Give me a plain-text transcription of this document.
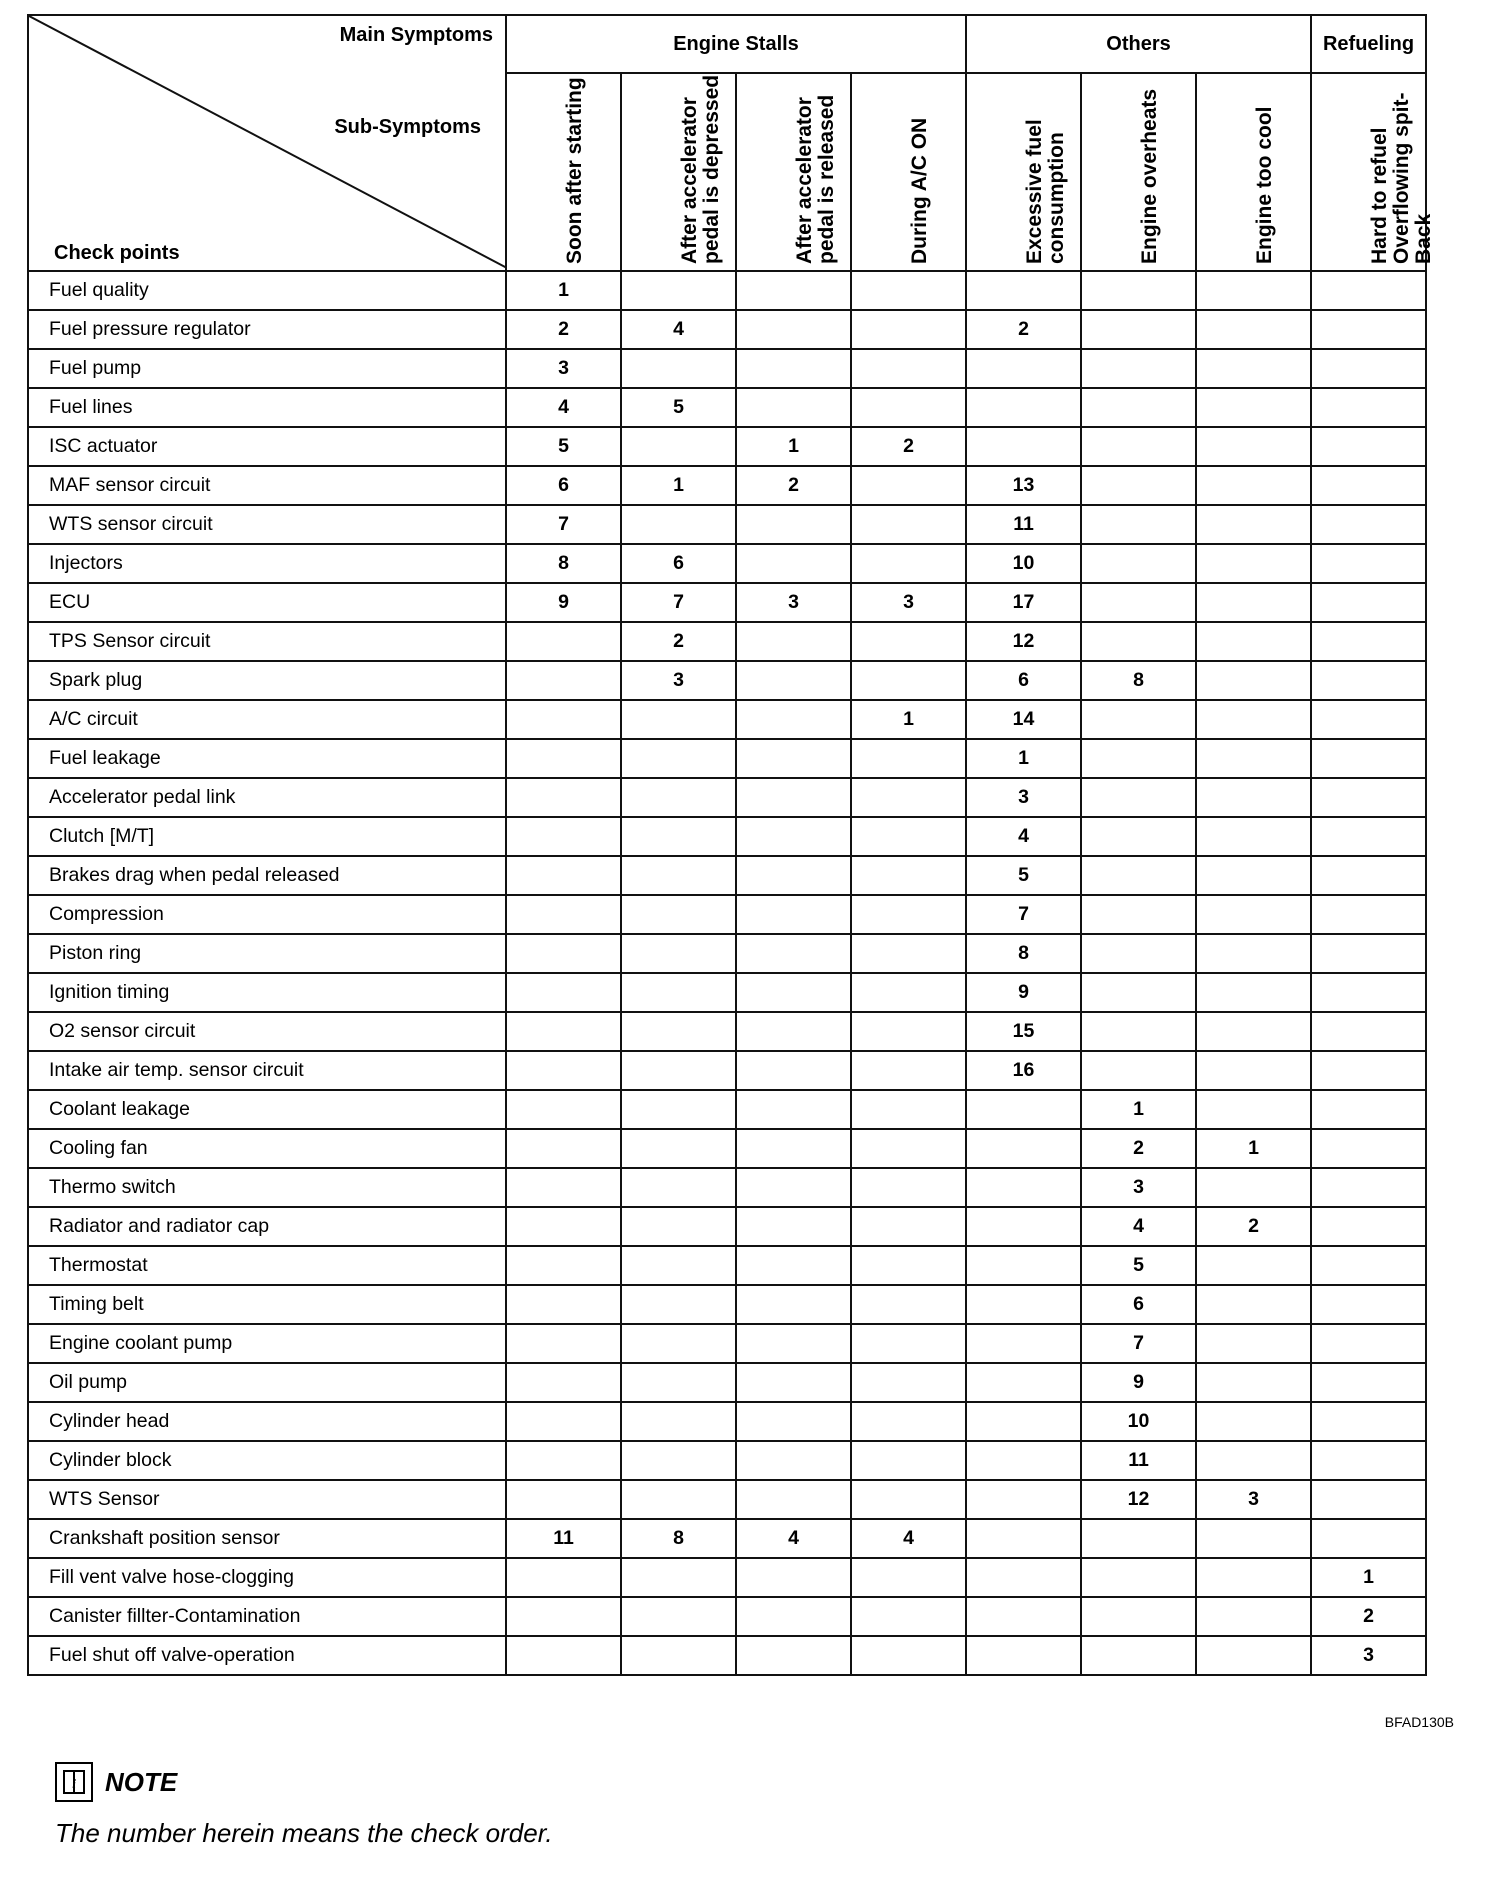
Main Symptoms
Sub-Symptoms
Check points	Engine Stalls				Others			Refueling

	Soon after starting	After accelerator pedal is depressed	After accelerator pedal is released	During A/C ON	Excessive fuel consumption	Engine overheats	Engine too cool	Hard to refuel Overflowing spit-Back

Fuel quality	1							
Fuel pressure regulator	2	4			2			
Fuel pump	3							
Fuel lines	4	5						
ISC actuator	5		1	2				
MAF sensor circuit	6	1	2		13			
WTS sensor circuit	7				11			
Injectors	8	6			10			
ECU	9	7	3	3	17			
TPS Sensor circuit		2			12			
Spark plug		3			6	8		
A/C circuit				1	14			
Fuel leakage					1			
Accelerator pedal link					3			
Clutch [M/T]					4			
Brakes drag when pedal released					5			
Compression					7			
Piston ring					8			
Ignition timing					9			
O2 sensor circuit					15			
Intake air temp. sensor circuit					16			
Coolant leakage						1		
Cooling fan						2	1	
Thermo switch						3		
Radiator and radiator cap						4	2	
Thermostat						5		
Timing belt						6		
Engine coolant pump						7		
Oil pump						9		
Cylinder head						10		
Cylinder block						11		
WTS Sensor						12	3	
Crankshaft position sensor	11	8	4	4				
Fill vent valve hose-clogging								1
Canister fillter-Contamination								2
Fuel shut off valve-operation								3
BFAD130B
i NOTE
The number herein means the check order.
